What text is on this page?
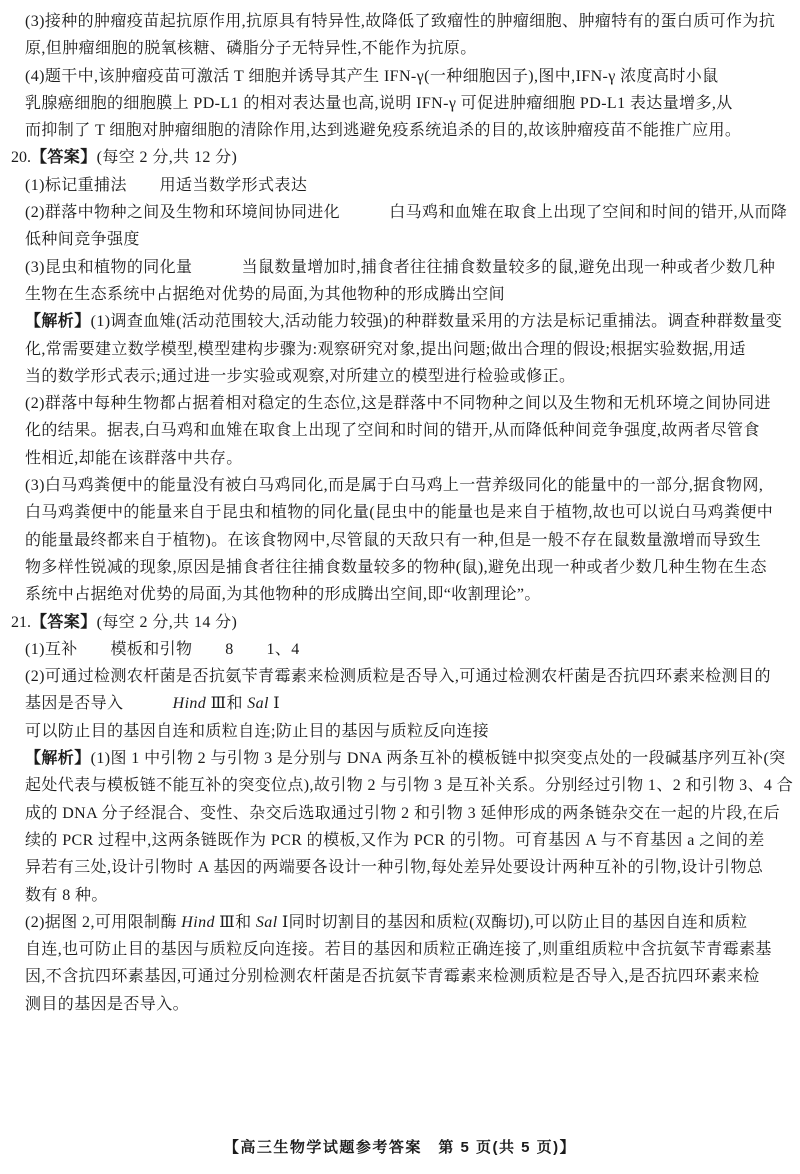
(3)接种的肿瘤疫苗起抗原作用,抗原具有特异性,故降低了致瘤性的肿瘤细胞、肿瘤特有的蛋白质可作为抗
原,但肿瘤细胞的脱氧核糖、磷脂分子无特异性,不能作为抗原。
(4)题干中,该肿瘤疫苗可激活 T 细胞并诱导其产生 IFN-γ(一种细胞因子),图中,IFN-γ 浓度高时小鼠
乳腺癌细胞的细胞膜上 PD-L1 的相对表达量也高,说明 IFN-γ 可促进肿瘤细胞 PD-L1 表达量增多,从
而抑制了 T 细胞对肿瘤细胞的清除作用,达到逃避免疫系统追杀的目的,故该肿瘤疫苗不能推广应用。
20.【答案】(每空 2 分,共 12 分)
(1)标记重捕法　　用适当数学形式表达
(2)群落中物种之间及生物和环境间协同进化　　　白马鸡和血雉在取食上出现了空间和时间的错开,从而降
低种间竞争强度
(3)昆虫和植物的同化量　　　当鼠数量增加时,捕食者往往捕食数量较多的鼠,避免出现一种或者少数几种
生物在生态系统中占据绝对优势的局面,为其他物种的形成腾出空间
【解析】(1)调查血雉(活动范围较大,活动能力较强)的种群数量采用的方法是标记重捕法。调查种群数量变
化,常需要建立数学模型,模型建构步骤为:观察研究对象,提出问题;做出合理的假设;根据实验数据,用适
当的数学形式表示;通过进一步实验或观察,对所建立的模型进行检验或修正。
(2)群落中每种生物都占据着相对稳定的生态位,这是群落中不同物种之间以及生物和无机环境之间协同进
化的结果。据表,白马鸡和血雉在取食上出现了空间和时间的错开,从而降低种间竞争强度,故两者尽管食
性相近,却能在该群落中共存。
(3)白马鸡粪便中的能量没有被白马鸡同化,而是属于白马鸡上一营养级同化的能量中的一部分,据食物网,
白马鸡粪便中的能量来自于昆虫和植物的同化量(昆虫中的能量也是来自于植物,故也可以说白马鸡粪便中
的能量最终都来自于植物)。在该食物网中,尽管鼠的天敌只有一种,但是一般不存在鼠数量激增而导致生
物多样性锐减的现象,原因是捕食者往往捕食数量较多的物种(鼠),避免出现一种或者少数几种生物在生态
系统中占据绝对优势的局面,为其他物种的形成腾出空间,即“收割理论”。
21.【答案】(每空 2 分,共 14 分)
(1)互补　　模板和引物　　8　　1、4
(2)可通过检测农杆菌是否抗氨苄青霉素来检测质粒是否导入,可通过检测农杆菌是否抗四环素来检测目的
基因是否导入　　　Hind Ⅲ和 Sal Ⅰ
可以防止目的基因自连和质粒自连;防止目的基因与质粒反向连接
【解析】(1)图 1 中引物 2 与引物 3 是分别与 DNA 两条互补的模板链中拟突变点处的一段碱基序列互补(突
起处代表与模板链不能互补的突变位点),故引物 2 与引物 3 是互补关系。分别经过引物 1、2 和引物 3、4 合
成的 DNA 分子经混合、变性、杂交后选取通过引物 2 和引物 3 延伸形成的两条链杂交在一起的片段,在后
续的 PCR 过程中,这两条链既作为 PCR 的模板,又作为 PCR 的引物。可育基因 A 与不育基因 a 之间的差
异若有三处,设计引物时 A 基因的两端要各设计一种引物,每处差异处要设计两种互补的引物,设计引物总
数有 8 种。
(2)据图 2,可用限制酶 Hind Ⅲ和 Sal Ⅰ同时切割目的基因和质粒(双酶切),可以防止目的基因自连和质粒
自连,也可防止目的基因与质粒反向连接。若目的基因和质粒正确连接了,则重组质粒中含抗氨苄青霉素基
因,不含抗四环素基因,可通过分别检测农杆菌是否抗氨苄青霉素来检测质粒是否导入,是否抗四环素来检
测目的基因是否导入。
【高三生物学试题参考答案　第 5 页(共 5 页)】
